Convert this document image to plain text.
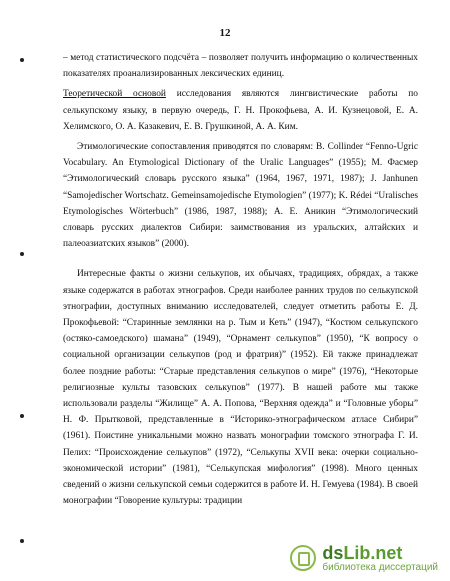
12

– метод статистического подсчёта – позволяет получить информацию о количественных показателях проанализированных лексических единиц.

Теоретической основой исследования являются лингвистические работы по селькупскому языку, в первую очередь, Г. Н. Прокофьева, А. И. Кузнецовой, Е. А. Хелимского, О. А. Казакевич, Е. В. Грушкиной, А. А. Ким.

Этимологические сопоставления приводятся по словарям: B. Collinder “Fenno-Ugric Vocabulary. An Etymological Dictionary of the Uralic Languages” (1955); М. Фасмер “Этимологический словарь русского языка” (1964, 1967, 1971, 1987); J. Janhunen “Samojedischer Wortschatz. Gemeinsamojedische Etymologien” (1977); K. Rédei “Uralisches Etymologisches Wörterbuch” (1986, 1987, 1988); А. Е. Аникин “Этимологический словарь русских диалектов Сибири: заимствования из уральских, алтайских и палеоазиатских языков” (2000).

Интересные факты о жизни селькупов, их обычаях, традициях, обрядах, а также языке содержатся в работах этнографов. Среди наиболее ранних трудов по селькупской этнографии, доступных вниманию исследователей, следует отметить работы Е. Д. Прокофьевой: “Старинные землянки на р. Тым и Кеть” (1947), “Костюм селькупского (остяко-самоедского) шамана” (1949), “Орнамент селькупов” (1950), “К вопросу о социальной организации селькупов (род и фратрия)” (1952). Ей также принадлежат более поздние работы: “Старые представления селькупов о мире” (1976), “Некоторые религиозные культы тазовских селькупов” (1977). В нашей работе мы также использовали разделы “Жилище” А. А. Попова, “Верхняя одежда” и “Головные уборы” Н. Ф. Прытковой, представленные в “Историко-этнографическом атласе Сибири” (1961). Поистине уникальными можно назвать монографии томского этнографа Г. И. Пелих: “Происхождение селькупов” (1972), “Селькупы XVII века: очерки социально-экономической истории” (1981), “Селькупская мифология” (1998). Много ценных сведений о жизни селькупской семьи содержится в работе И. Н. Гемуева (1984). В своей монографии “Говорение культуры: традиции

dsLib.net
библиотека диссертаций
